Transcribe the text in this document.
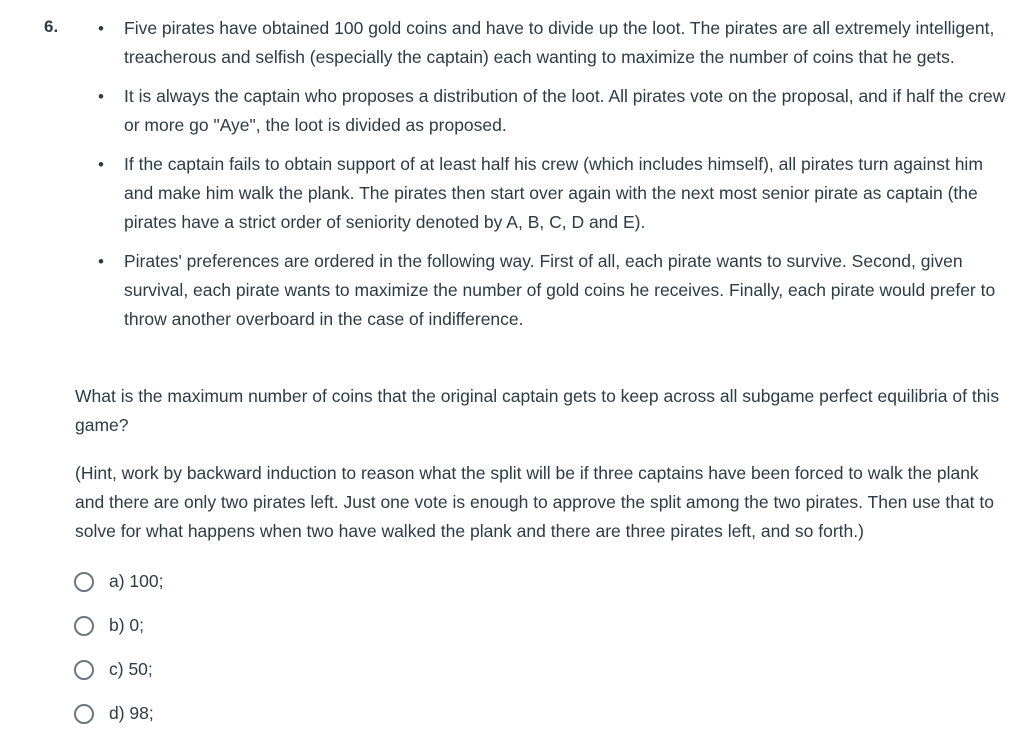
6. • Five pirates have obtained 100 gold coins and have to divide up the loot. The pirates are all extremely intelligent, treacherous and selfish (especially the captain) each wanting to maximize the number of coins that he gets.
• It is always the captain who proposes a distribution of the loot. All pirates vote on the proposal, and if half the crew or more go "Aye", the loot is divided as proposed.
• If the captain fails to obtain support of at least half his crew (which includes himself), all pirates turn against him and make him walk the plank. The pirates then start over again with the next most senior pirate as captain (the pirates have a strict order of seniority denoted by A, B, C, D and E).
• Pirates' preferences are ordered in the following way. First of all, each pirate wants to survive. Second, given survival, each pirate wants to maximize the number of gold coins he receives. Finally, each pirate would prefer to throw another overboard in the case of indifference.

What is the maximum number of coins that the original captain gets to keep across all subgame perfect equilibria of this game?

(Hint, work by backward induction to reason what the split will be if three captains have been forced to walk the plank and there are only two pirates left. Just one vote is enough to approve the split among the two pirates. Then use that to solve for what happens when two have walked the plank and there are three pirates left, and so forth.)

a) 100;
b) 0;
c) 50;
d) 98;
